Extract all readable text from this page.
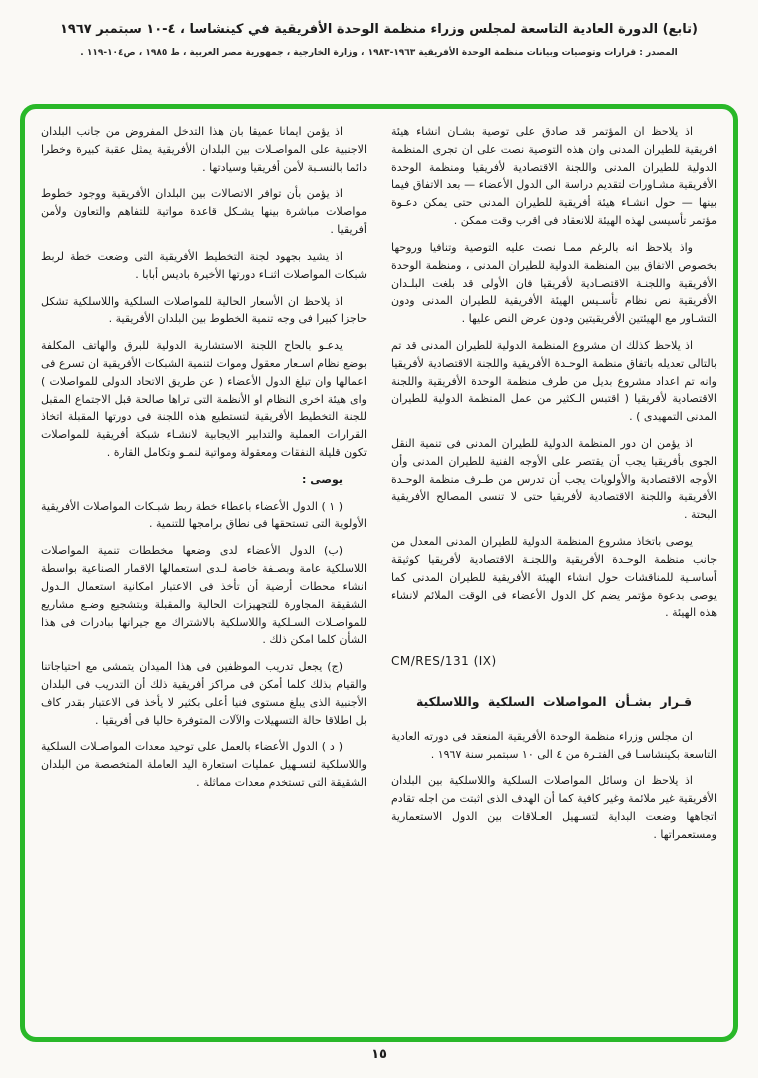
(تابع) الدورة العادية التاسعة لمجلس وزراء منظمة الوحدة الأفريقية في كينشاسا ، ٤-١٠ سبتمبر ١٩٦٧
المصدر : قرارات وتوصيات وبيانات منظمة الوحدة الأفريقية ١٩٦٣-١٩٨٣ ، وزارة الخارجية ، جمهورية مصر العربية ، ط ١٩٨٥ ، ص١٠٤-١١٩ .

اذ يلاحظ ان المؤتمر قد صادق على توصية بشـان انشاء هيئة افريقية للطيران المدنى وان هذه التوصية نصت على ان تجرى المنظمة الدولية للطيران المدنى واللجنة الاقتصادية لأفريقيا ومنظمة الوحدة الأفريقية مشـاورات لتقديم دراسة الى الدول الأعضاء — بعد الاتفاق فيما بينها — حول انشـاء هيئة أفريقية للطيران المدنى حتى يمكن دعـوة مؤتمر تأسيسى لهذه الهيئة للانعقاد فى اقرب وقت ممكن .

واذ يلاحظ انه بالرغم ممـا نصت عليه التوصية وتنافيا وروحها بخصوص الاتفاق بين المنظمة الدولية للطيران المدنى ، ومنظمة الوحدة الأفريقية واللجنـة الاقتصـادية لأفريقيا فان الأولى قد بلغت البلـدان الأفريقية نص نظام تأسـيس الهيئة الأفريقية للطيران المدنى ودون التشـاور مع الهيئتين الأفريقيتين ودون عرض النص عليها .

اذ يلاحظ كذلك ان مشروع المنظمة الدولية للطيران المدنى قد تم بالتالى تعديله باتفاق منظمة الوحـدة الأفريقية واللجنة الاقتصادية لأفريقيا وانه تم اعداد مشروع بديل من طرف منظمة الوحدة الأفريقية واللجنة الاقتصادية لأفريقيا ( اقتبس الـكثير من عمل المنظمة الدولية للطيران المدنى التمهيدى ) .

اذ يؤمن ان دور المنظمة الدولية للطيران المدنى فى تنمية النقل الجوى بأفريقيا يجب أن يقتصر على الأوجه الفنية للطيران المدنى وأن الأوجه الاقتصادية والأولويات يجب أن تدرس من طـرف منظمة الوحـدة الأفريقية واللجنة الاقتصادية لأفريقيا حتى لا تنسى المصالح الأفريقية البحتة .

يوصى باتخاذ مشروع المنظمة الدولية للطيران المدنى المعدل من جانب منظمة الوحـدة الأفريقية واللجنـة الاقتصادية لأفريقيا كوثيقة أساسـية للمناقشات حول انشاء الهيئة الأفريقية للطيران المدنى كما يوصى بدعوة مؤتمر يضم كل الدول الأعضاء فى الوقت الملائم لانشاء هذه الهيئة .

CM/RES/131 (IX)
قـرار بشـأن المواصلات السلكية واللاسلكية

ان مجلس وزراء منظمة الوحدة الأفريقية المنعقد فى دورته العادية التاسعة بكينشاسـا فى الفتـرة من ٤ الى ١٠ سبتمبر سنة ١٩٦٧ .

اذ يلاحظ ان وسائل المواصلات السلكية واللاسلكية بين البلدان الأفريقية غير ملائمة وغير كافية كما أن الهدف الذى اثبتت من اجله تقادم اتجاهها وضعت البداية لتسـهيل العـلاقات بين الدول الاستعمارية ومستعمراتها .

اذ يؤمن ايمانا عميقا بان هذا التدخل المفروض من جانب البلدان الاجنبية على المواصـلات بين البلدان الأفريقية يمثل عقبة كبيرة وخطرا دائما بالنسـبة لأمن أفريقيا وسيادتها .

اذ يؤمن بأن توافر الاتصالات بين البلدان الأفريقية ووجود خطوط مواصلات مباشرة بينها يشـكل قاعدة مواتية للتفاهم والتعاون ولأمن أفريقيا .

اذ يشيد بجهود لجنة التخطيط الأفريقية التى وضعت خطة لربط شبكات المواصلات اثنـاء دورتها الأخيرة باديس أبابا .

اذ يلاحظ ان الأسعار الحالية للمواصلات السلكية واللاسلكية تشكل حاجزا كبيرا فى وجه تنمية الخطوط بين البلدان الأفريقية .

يدعـو بالحاح اللجنة الاستشارية الدولية للبرق والهاتف المكلفة بوضع نظام اسـعار معقول وموات لتنمية الشبكات الأفريقية ان تسرع فى اعمالها وان تبلغ الدول الأعضاء ( عن طريق الاتحاد الدولى للمواصلات ) واى هيئة اخرى النظام او الأنظمة التى تراها صالحة قبل الاجتماع المقبل للجنة التخطيط الأفريقية لتستطيع هذه اللجنة فى دورتها المقبلة اتخاذ القرارات العملية والتدابير الايجابية لانشـاء شبكة أفريقية للمواصلات تكون قليلة النفقات ومعقولة ومواتية لنمـو وتكامل القارة .

يوصى :

( ١ ) الدول الأعضاء باعطاء خطة ربط شبـكات المواصلات الأفريقية الأولوية التى تستحقها فى نطاق برامجها للتنمية .

(ب) الدول الأعضاء لدى وضعها مخططات تنمية المواصلات اللاسلكية عامة وبصـفة خاصة لـدى استعمالها الاقمار الصناعية بواسطة انشاء محطات أرضية أن تأخذ فى الاعتبار امكانية استعمال الـدول الشقيقة المجاورة للتجهيزات الحالية والمقبلة وبتشجيع وضـع مشاريع للمواصـلات السـلكية واللاسلكية بالاشتراك مع جيرانها ببادرات فى هذا الشأن كلما امكن ذلك .

(ج) يجعل تدريب الموظفين فى هذا الميدان يتمشى مع احتياجاتنا والقيام بذلك كلما أمكن فى مراكز أفريقية ذلك أن التدريب فى البلدان الأجنبية الذى يبلغ مستوى فنيا أعلى بكثير لا يأخذ فى الاعتبار بقدر كاف بل اطلاقا حالة التسهيلات والآلات المتوفرة حاليا فى أفريقيا .

( د ) الدول الأعضاء بالعمل على توحيد معدات المواصـلات السلكية واللاسلكية لتسـهيل عمليات استعارة اليد العاملة المتخصصة من البلدان الشقيقة التى تستخدم معدات مماثلة .

١٥
